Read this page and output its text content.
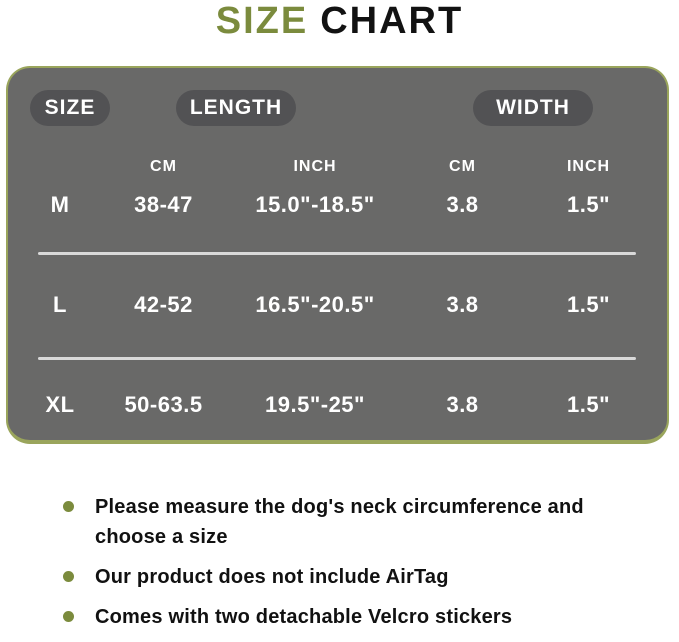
SIZE CHART
SIZE	LENGTH	WIDTH
CM	INCH	CM	INCH
M	38-47	15.0"-18.5"	3.8	1.5"
L	42-52	16.5"-20.5"	3.8	1.5"
XL	50-63.5	19.5"-25"	3.8	1.5"
Please measure the dog's neck circumference and choose a size
Our product does not include AirTag
Comes with two detachable Velcro stickers
